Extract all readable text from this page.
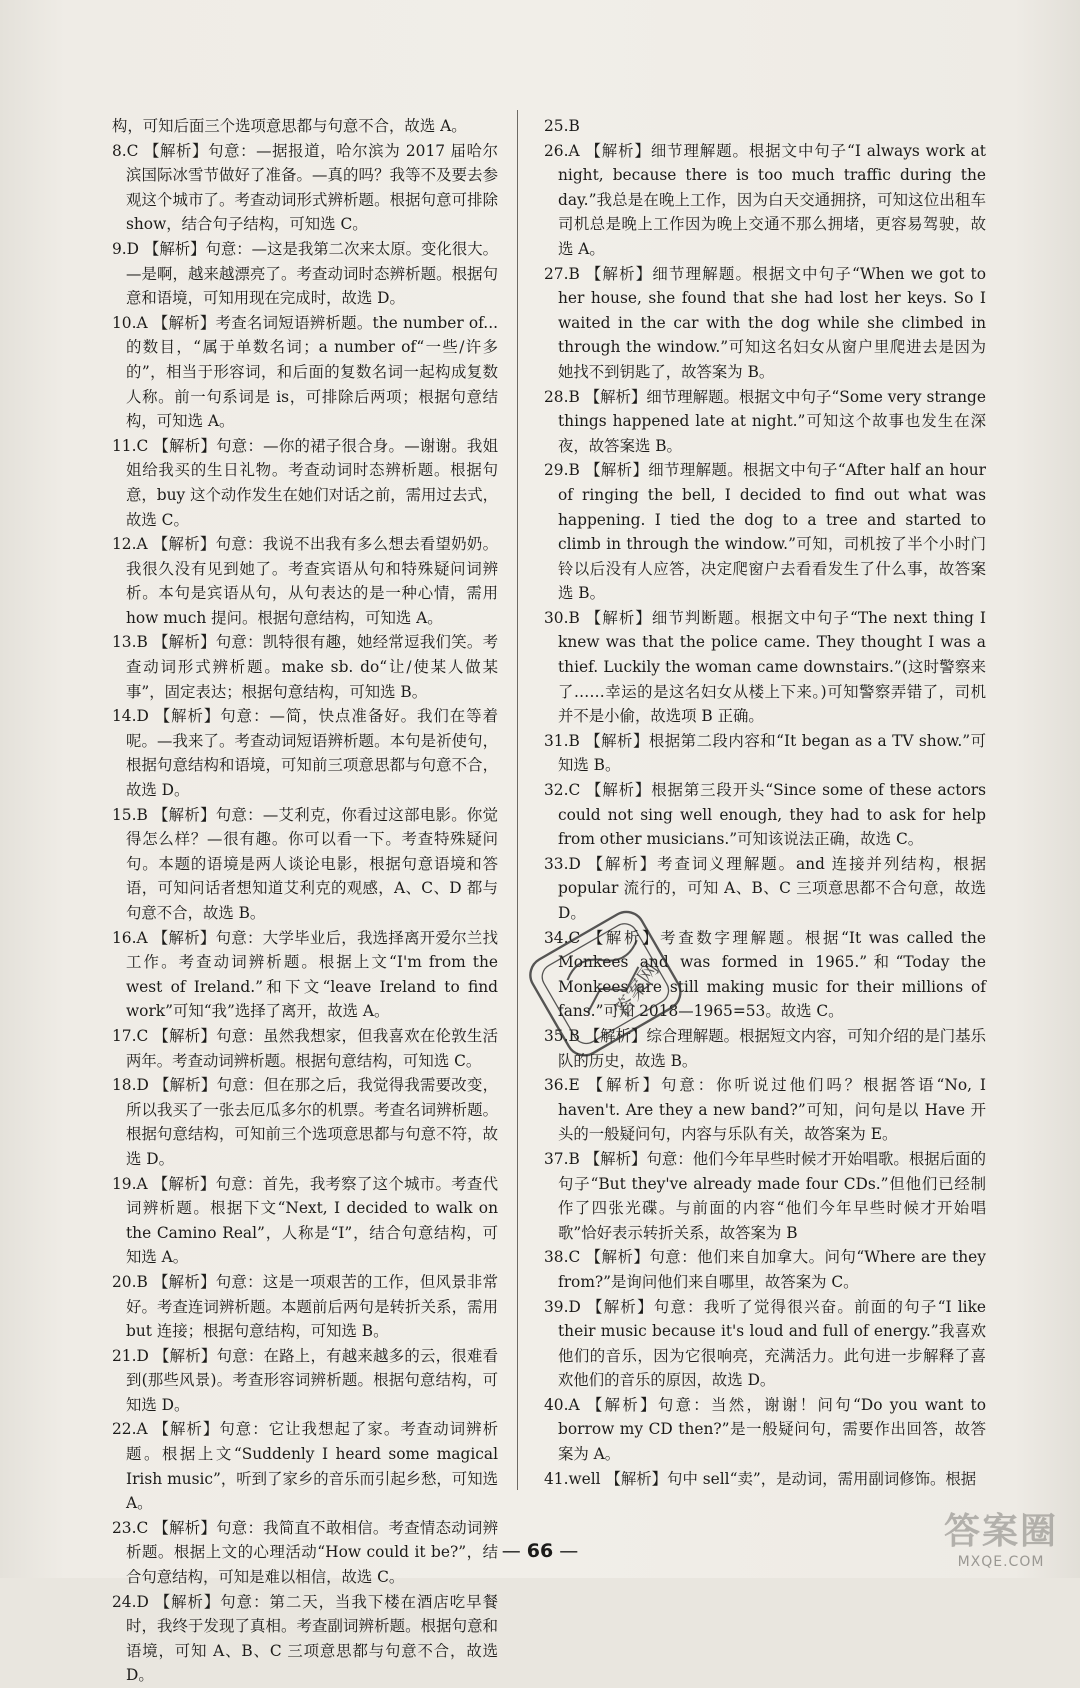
构，可知后面三个选项意思都与句意不合，故选 A。

8.C 【解析】句意：—据报道，哈尔滨为 2017 届哈尔滨国际冰雪节做好了准备。—真的吗？我等不及要去参观这个城市了。考查动词形式辨析题。根据句意可排除 show，结合句子结构，可知选 C。

9.D 【解析】句意：—这是我第二次来太原。变化很大。—是啊，越来越漂亮了。考查动词时态辨析题。根据句意和语境，可知用现在完成时，故选 D。

10.A 【解析】考查名词短语辨析题。the number of...的数目，“属于单数名词；a number of“一些/许多的”，相当于形容词，和后面的复数名词一起构成复数人称。前一句系词是 is，可排除后两项；根据句意结构，可知选 A。

11.C 【解析】句意：—你的裙子很合身。—谢谢。我姐姐给我买的生日礼物。考查动词时态辨析题。根据句意，buy 这个动作发生在她们对话之前，需用过去式，故选 C。

12.A 【解析】句意：我说不出我有多么想去看望奶奶。我很久没有见到她了。考查宾语从句和特殊疑问词辨析。本句是宾语从句，从句表达的是一种心情，需用 how much 提问。根据句意结构，可知选 A。

13.B 【解析】句意：凯特很有趣，她经常逗我们笑。考查动词形式辨析题。make sb. do“让/使某人做某事”，固定表达；根据句意结构，可知选 B。

14.D 【解析】句意：—简，快点准备好。我们在等着呢。—我来了。考查动词短语辨析题。本句是祈使句，根据句意结构和语境，可知前三项意思都与句意不合，故选 D。

15.B 【解析】句意：—艾利克，你看过这部电影。你觉得怎么样？—很有趣。你可以看一下。考查特殊疑问句。本题的语境是两人谈论电影，根据句意语境和答语，可知问话者想知道艾利克的观感，A、C、D 都与句意不合，故选 B。

16.A 【解析】句意：大学毕业后，我选择离开爱尔兰找工作。考查动词辨析题。根据上文“I'm from the west of Ireland.”和下文“leave Ireland to find work”可知“我”选择了离开，故选 A。

17.C 【解析】句意：虽然我想家，但我喜欢在伦敦生活两年。考查动词辨析题。根据句意结构，可知选 C。

18.D 【解析】句意：但在那之后，我觉得我需要改变，所以我买了一张去厄瓜多尔的机票。考查名词辨析题。根据句意结构，可知前三个选项意思都与句意不符，故选 D。

19.A 【解析】句意：首先，我考察了这个城市。考查代词辨析题。根据下文“Next, I decided to walk on the Camino Real”，人称是“I”，结合句意结构，可知选 A。

20.B 【解析】句意：这是一项艰苦的工作，但风景非常好。考查连词辨析题。本题前后两句是转折关系，需用 but 连接；根据句意结构，可知选 B。

21.D 【解析】句意：在路上，有越来越多的云，很难看到(那些风景)。考查形容词辨析题。根据句意结构，可知选 D。

22.A 【解析】句意：它让我想起了家。考查动词辨析题。根据上文“Suddenly I heard some magical Irish music”，听到了家乡的音乐而引起乡愁，可知选 A。

23.C 【解析】句意：我简直不敢相信。考查情态动词辨析题。根据上文的心理活动“How could it be?”，结合句意结构，可知是难以相信，故选 C。

24.D 【解析】句意：第二天，当我下楼在酒店吃早餐时，我终于发现了真相。考查副词辨析题。根据句意和语境，可知 A、B、C 三项意思都与句意不合，故选 D。

25.B

26.A 【解析】细节理解题。根据文中句子“I always work at night, because there is too much traffic during the day.”我总是在晚上工作，因为白天交通拥挤，可知这位出租车司机总是晚上工作因为晚上交通不那么拥堵，更容易驾驶，故选 A。

27.B 【解析】细节理解题。根据文中句子“When we got to her house, she found that she had lost her keys. So I waited in the car with the dog while she climbed in through the window.”可知这名妇女从窗户里爬进去是因为她找不到钥匙了，故答案为 B。

28.B 【解析】细节理解题。根据文中句子“Some very strange things happened late at night.”可知这个故事也发生在深夜，故答案选 B。

29.B 【解析】细节理解题。根据文中句子“After half an hour of ringing the bell, I decided to find out what was happening. I tied the dog to a tree and started to climb in through the window.”可知，司机按了半个小时门铃以后没有人应答，决定爬窗户去看看发生了什么事，故答案选 B。

30.B 【解析】细节判断题。根据文中句子“The next thing I knew was that the police came. They thought I was a thief. Luckily the woman came downstairs.”(这时警察来了……幸运的是这名妇女从楼上下来。)可知警察弄错了，司机并不是小偷，故选项 B 正确。

31.B 【解析】根据第二段内容和“It began as a TV show.”可知选 B。

32.C 【解析】根据第三段开头“Since some of these actors could not sing well enough, they had to ask for help from other musicians.”可知该说法正确，故选 C。

33.D 【解析】考查词义理解题。and 连接并列结构，根据 popular 流行的，可知 A、B、C 三项意思都不合句意，故选 D。

34.C 【解析】考查数字理解题。根据“It was called the Monkees and was formed in 1965.”和“Today the Monkees are still making music for their millions of fans.”可知 2018—1965=53。故选 C。

35.B 【解析】综合理解题。根据短文内容，可知介绍的是门基乐队的历史，故选 B。

36.E 【解析】句意：你听说过他们吗？根据答语“No, I haven't. Are they a new band?”可知，问句是以 Have 开头的一般疑问句，内容与乐队有关，故答案为 E。

37.B 【解析】句意：他们今年早些时候才开始唱歌。根据后面的句子“But they've already made four CDs.”但他们已经制作了四张光碟。与前面的内容“他们今年早些时候才开始唱歌”恰好表示转折关系，故答案为 B

38.C 【解析】句意：他们来自加拿大。问句“Where are they from?”是询问他们来自哪里，故答案为 C。

39.D 【解析】句意：我听了觉得很兴奋。前面的句子“I like their music because it's loud and full of energy.”我喜欢他们的音乐，因为它很响亮，充满活力。此句进一步解释了喜欢他们的音乐的原因，故选 D。

40.A 【解析】句意：当然，谢谢！问句“Do you want to borrow my CD then?”是一般疑问句，需要作出回答，故答案为 A。

41.well 【解析】句中 sell“卖”，是动词，需用副词修饰。根据

答案网
— 66 —	答案圈
MXQE.COM
